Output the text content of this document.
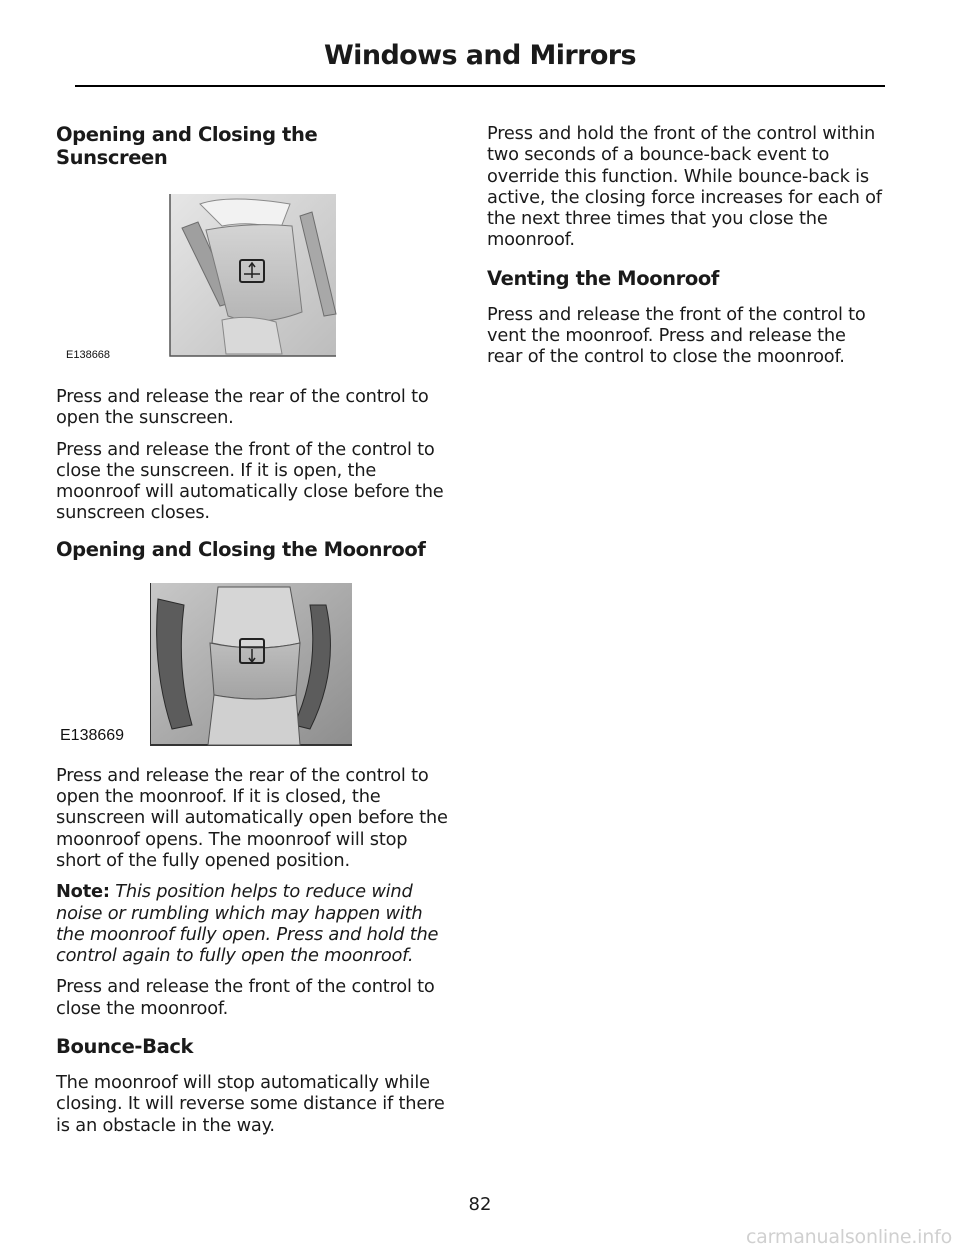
Windows and Mirrors
Opening and Closing the Sunscreen
E138668

Press and release the rear of the control to open the sunscreen.

Press and release the front of the control to close the sunscreen. If it is open, the moonroof will automatically close before the sunscreen closes.

Opening and Closing the Moonroof
E138669

Press and release the rear of the control to open the moonroof. If it is closed, the sunscreen will automatically open before the moonroof opens. The moonroof will stop short of the fully opened position.

Note: This position helps to reduce wind noise or rumbling which may happen with the moonroof fully open. Press and hold the control again to fully open the moonroof.

Press and release the front of the control to close the moonroof.

Bounce-Back

The moonroof will stop automatically while closing. It will reverse some distance if there is an obstacle in the way.

Press and hold the front of the control within two seconds of a bounce-back event to override this function. While bounce-back is active, the closing force increases for each of the next three times that you close the moonroof.

Venting the Moonroof

Press and release the front of the control to vent the moonroof. Press and release the rear of the control to close the moonroof.

82
carmanualsonline.info
